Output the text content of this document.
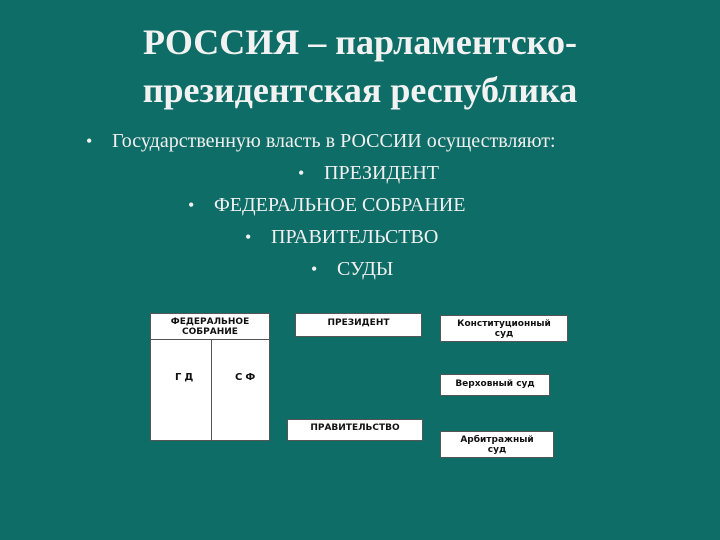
РОССИЯ – парламентско-
президентская республика
• Государственную власть в РОССИИ осуществляют:
• ПРЕЗИДЕНТ
• ФЕДЕРАЛЬНОЕ СОБРАНИЕ
• ПРАВИТЕЛЬСТВО
• СУДЫ
ФЕДЕРАЛЬНОЕ
СОБРАНИЕ
ГД	СФ
ПРЕЗИДЕНТ	Конституционный
суд
Верховный суд
ПРАВИТЕЛЬСТВО
Арбитражный
суд
